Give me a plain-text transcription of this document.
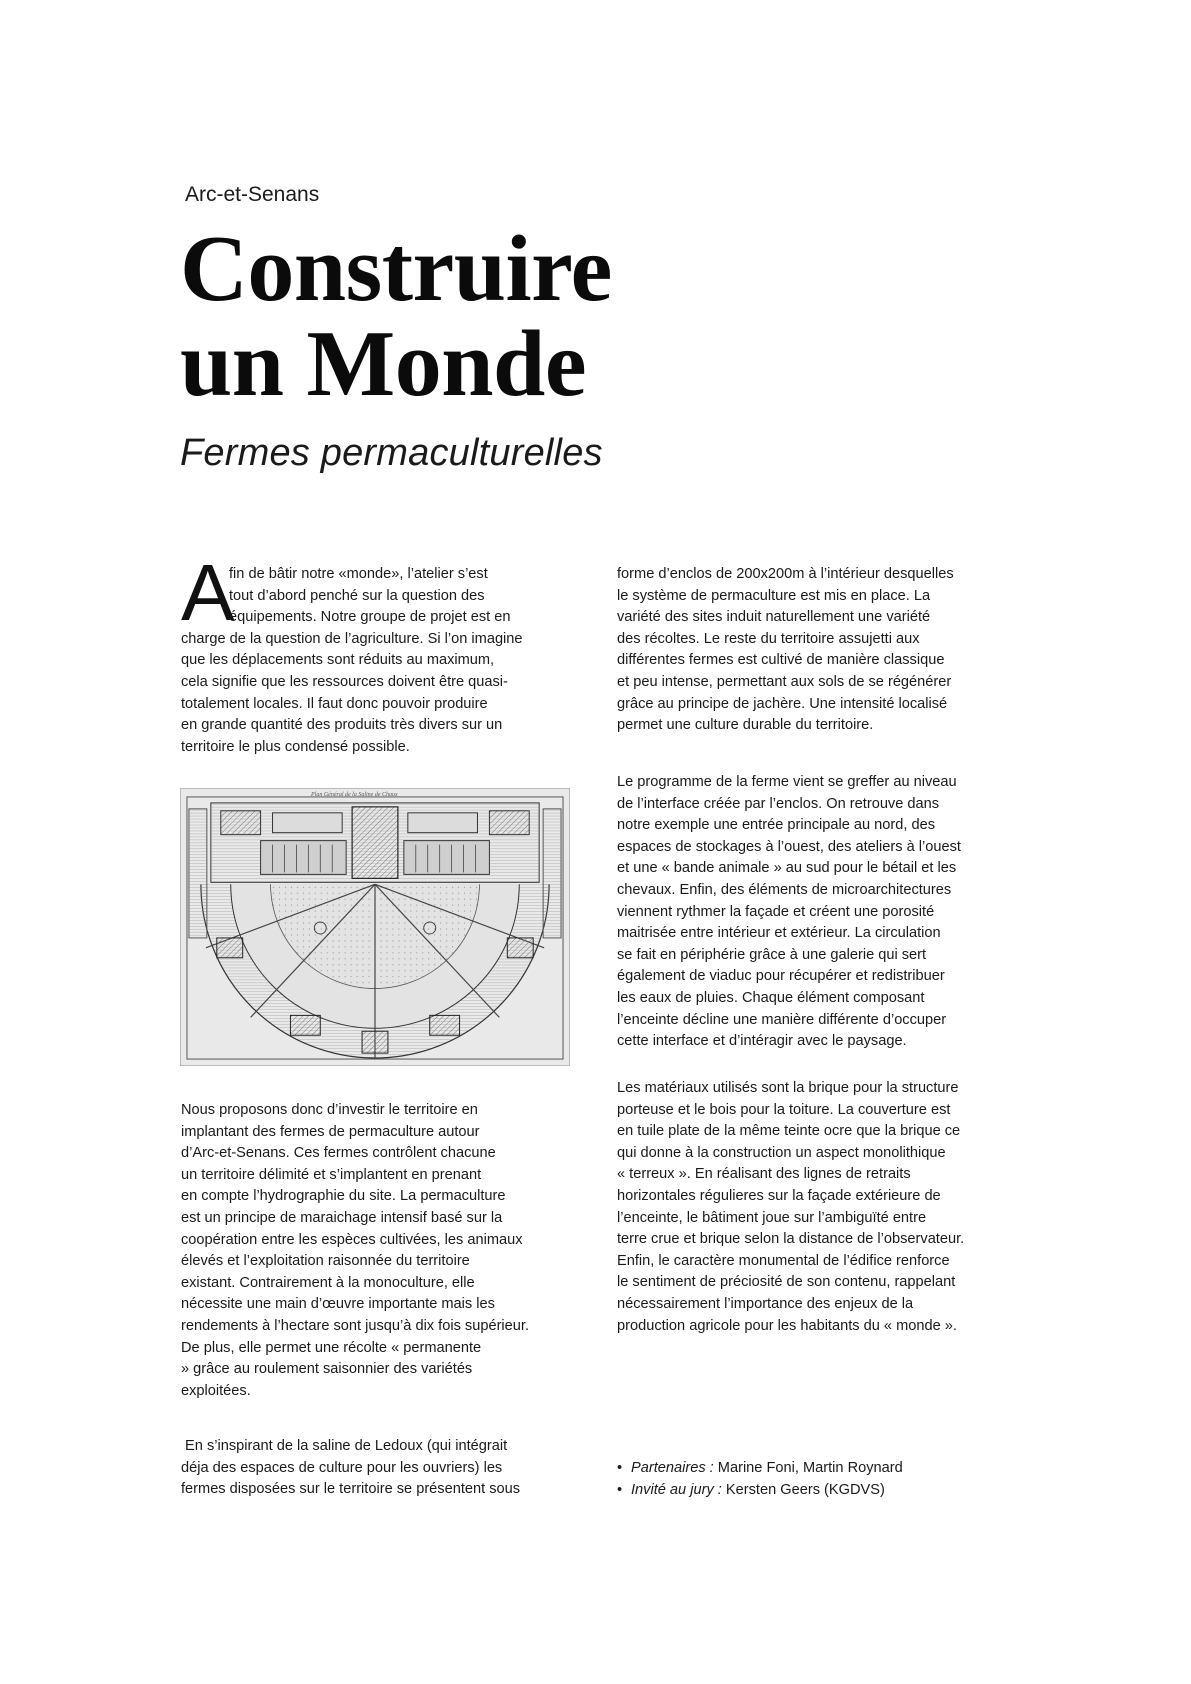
Arc-et-Senans
Construire
un Monde
Fermes permaculturelles
A
fin de bâtir notre «monde», l’atelier s’est
tout d’abord penché sur la question des
équipements. Notre groupe de projet est en
charge de la question de l’agriculture. Si l’on imagine
que les déplacements sont réduits au maximum,
cela signifie que les ressources doivent être quasi-
totalement locales. Il faut donc pouvoir produire
en grande quantité des produits très divers sur un
territoire le plus condensé possible.
Plan Général de la Saline de Chaux
Nous proposons donc d’investir le territoire en
implantant des fermes de permaculture autour
d’Arc-et-Senans. Ces fermes contrôlent chacune
un territoire délimité et s’implantent en prenant
en compte l’hydrographie du site. La permaculture
est un principe de maraichage intensif basé sur la
coopération entre les espèces cultivées, les animaux
élevés et l’exploitation raisonnée du territoire
existant. Contrairement à la monoculture, elle
nécessite une main d’œuvre importante mais les
rendements à l’hectare sont jusqu’à dix fois supérieur.
De plus, elle permet une récolte « permanente
» grâce au roulement saisonnier des variétés
exploitées.
En s’inspirant de la saline de Ledoux (qui intégrait
déja des espaces de culture pour les ouvriers) les
fermes disposées sur le territoire se présentent sous
forme d’enclos de 200x200m à l’intérieur desquelles
le système de permaculture est mis en place. La
variété des sites induit naturellement une variété
des récoltes. Le reste du territoire assujetti aux
différentes fermes est cultivé de manière classique
et peu intense, permettant aux sols de se régénérer
grâce au principe de jachère. Une intensité localisé
permet une culture durable du territoire.
Le programme de la ferme vient se greffer au niveau
de l’interface créée par l’enclos. On retrouve dans
notre exemple une entrée principale au nord, des
espaces de stockages à l’ouest, des ateliers à l’ouest
et une « bande animale » au sud pour le bétail et les
chevaux. Enfin, des éléments de microarchitectures
viennent rythmer la façade et créent une porosité
maitrisée entre intérieur et extérieur. La circulation
se fait en périphérie grâce à une galerie qui sert
également de viaduc pour récupérer et redistribuer
les eaux de pluies. Chaque élément composant
l’enceinte décline une manière différente d’occuper
cette interface et d’intéragir avec le paysage.
Les matériaux utilisés sont la brique pour la structure
porteuse et le bois pour la toiture. La couverture est
en tuile plate de la même teinte ocre que la brique ce
qui donne à la construction un aspect monolithique
« terreux ». En réalisant des lignes de retraits
horizontales régulieres sur la façade extérieure de
l’enceinte, le bâtiment joue sur l’ambiguïté entre
terre crue et brique selon la distance de l’observateur.
Enfin, le caractère monumental de l’édifice renforce
le sentiment de préciosité de son contenu, rappelant
nécessairement l’importance des enjeux de la
production agricole pour les habitants du « monde ».
• Partenaires : Marine Foni, Martin Roynard
• Invité au jury : Kersten Geers (KGDVS)
